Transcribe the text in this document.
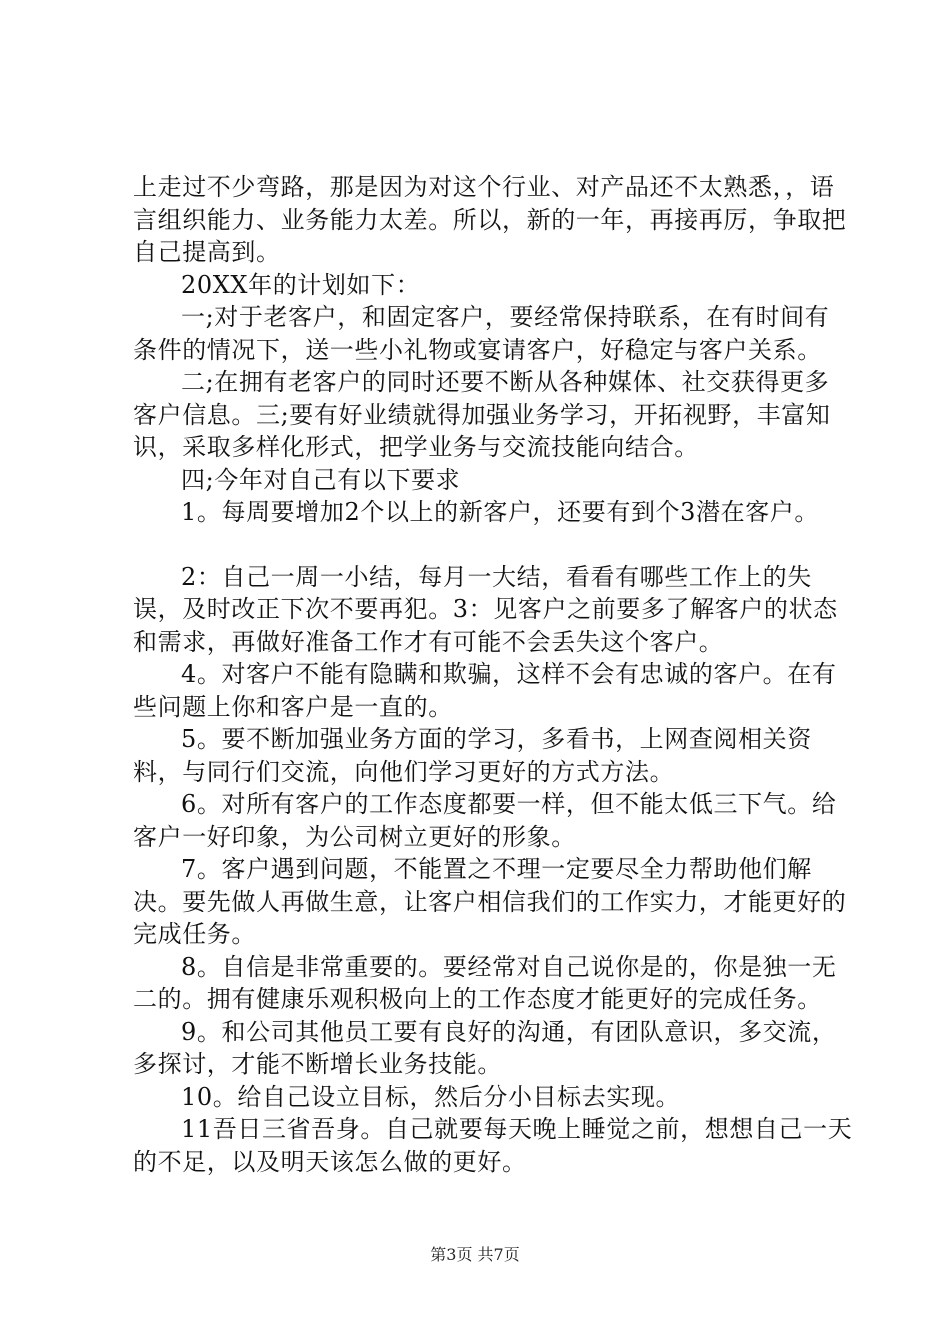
上走过不少弯路，那是因为对这个行业、对产品还不太熟悉，，语言组织能力、业务能力太差。所以，新的一年，再接再厉，争取把自己提高到。

20XX年的计划如下：

一;对于老客户，和固定客户，要经常保持联系，在有时间有条件的情况下，送一些小礼物或宴请客户，好稳定与客户关系。

二;在拥有老客户的同时还要不断从各种媒体、社交获得更多客户信息。三;要有好业绩就得加强业务学习，开拓视野，丰富知识，采取多样化形式，把学业务与交流技能向结合。

四;今年对自己有以下要求

1。每周要增加2个以上的新客户，还要有到个3潜在客户。

2：自己一周一小结，每月一大结，看看有哪些工作上的失误，及时改正下次不要再犯。3：见客户之前要多了解客户的状态和需求，再做好准备工作才有可能不会丢失这个客户。

4。对客户不能有隐瞒和欺骗，这样不会有忠诚的客户。在有些问题上你和客户是一直的。

5。要不断加强业务方面的学习，多看书，上网查阅相关资料，与同行们交流，向他们学习更好的方式方法。

6。对所有客户的工作态度都要一样，但不能太低三下气。给客户一好印象，为公司树立更好的形象。

7。客户遇到问题，不能置之不理一定要尽全力帮助他们解决。要先做人再做生意，让客户相信我们的工作实力，才能更好的完成任务。

8。自信是非常重要的。要经常对自己说你是的，你是独一无二的。拥有健康乐观积极向上的工作态度才能更好的完成任务。

9。和公司其他员工要有良好的沟通，有团队意识，多交流，多探讨，才能不断增长业务技能。

10。给自己设立目标，然后分小目标去实现。

11吾日三省吾身。自己就要每天晚上睡觉之前，想想自己一天的不足，以及明天该怎么做的更好。

第3页 共7页
